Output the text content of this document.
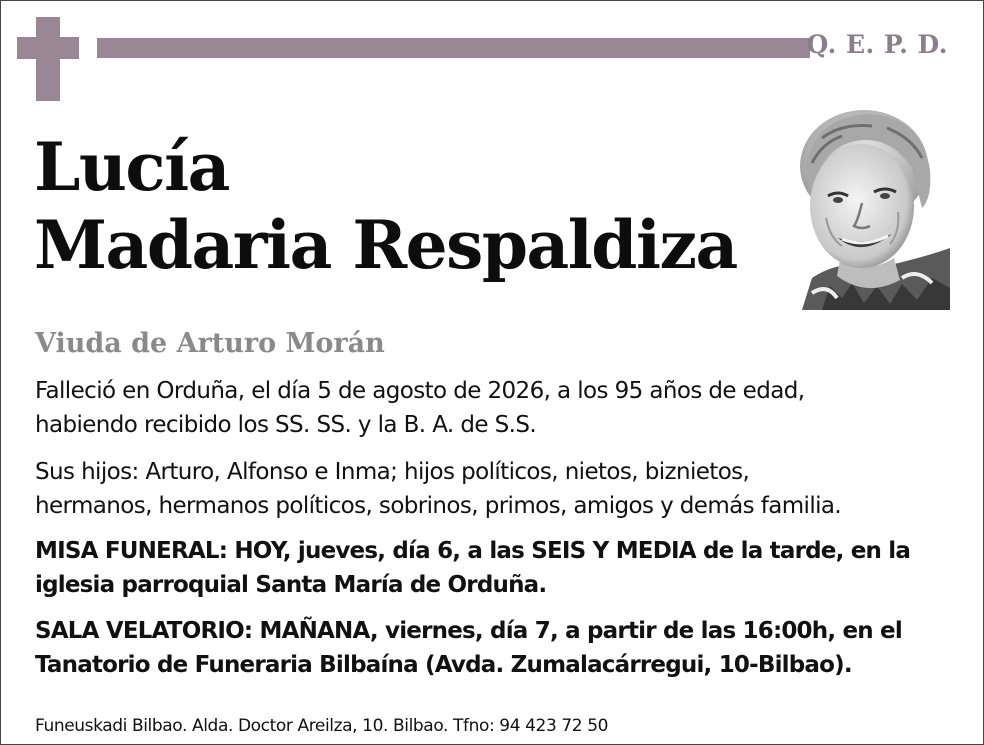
Q. E. P. D.
Lucía
Madaria Respaldiza
Viuda de Arturo Morán
Falleció en Orduña, el día 5 de agosto de 2026, a los 95 años de edad,
habiendo recibido los SS. SS. y la B. A. de S.S.
Sus hijos: Arturo, Alfonso e Inma; hijos políticos, nietos, biznietos,
hermanos, hermanos políticos, sobrinos, primos, amigos y demás familia.
MISA FUNERAL: HOY, jueves, día 6, a las SEIS Y MEDIA de la tarde, en la
iglesia parroquial Santa María de Orduña.
SALA VELATORIO: MAÑANA, viernes, día 7, a partir de las 16:00h, en el
Tanatorio de Funeraria Bilbaína (Avda. Zumalacárregui, 10-Bilbao).
Funeuskadi Bilbao. Alda. Doctor Areilza, 10. Bilbao. Tfno: 94 423 72 50
